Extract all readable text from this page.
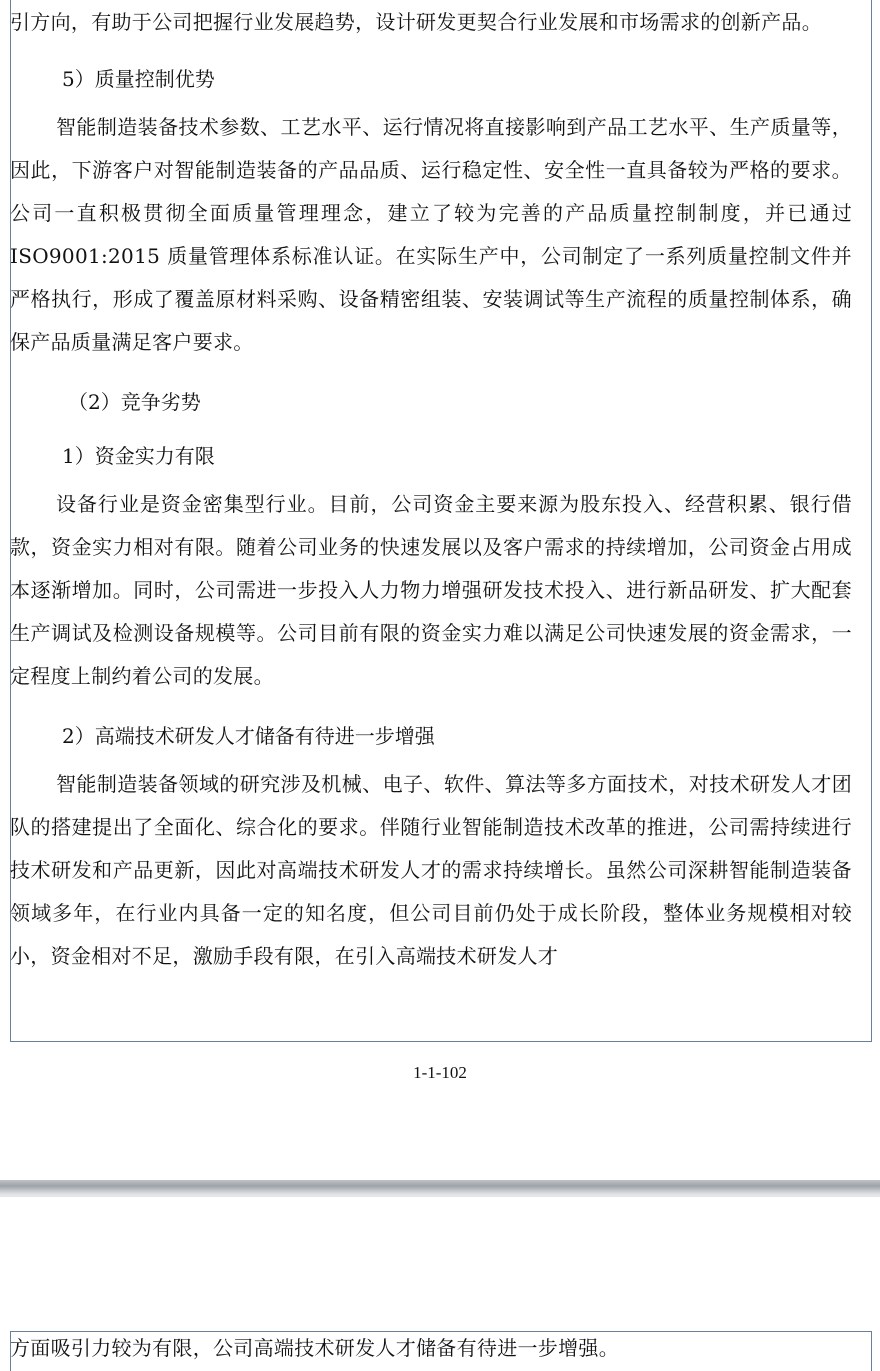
引方向，有助于公司把握行业发展趋势，设计研发更契合行业发展和市场需求的创新产品。

5）质量控制优势

智能制造装备技术参数、工艺水平、运行情况将直接影响到产品工艺水平、生产质量等，因此，下游客户对智能制造装备的产品品质、运行稳定性、安全性一直具备较为严格的要求。公司一直积极贯彻全面质量管理理念，建立了较为完善的产品质量控制制度，并已通过 ISO9001:2015 质量管理体系标准认证。在实际生产中，公司制定了一系列质量控制文件并严格执行，形成了覆盖原材料采购、设备精密组装、安装调试等生产流程的质量控制体系，确保产品质量满足客户要求。

（2）竞争劣势

1）资金实力有限

设备行业是资金密集型行业。目前，公司资金主要来源为股东投入、经营积累、银行借款，资金实力相对有限。随着公司业务的快速发展以及客户需求的持续增加，公司资金占用成本逐渐增加。同时，公司需进一步投入人力物力增强研发技术投入、进行新品研发、扩大配套生产调试及检测设备规模等。公司目前有限的资金实力难以满足公司快速发展的资金需求，一定程度上制约着公司的发展。

2）高端技术研发人才储备有待进一步增强

智能制造装备领域的研究涉及机械、电子、软件、算法等多方面技术，对技术研发人才团队的搭建提出了全面化、综合化的要求。伴随行业智能制造技术改革的推进，公司需持续进行技术研发和产品更新，因此对高端技术研发人才的需求持续增长。虽然公司深耕智能制造装备领域多年，在行业内具备一定的知名度，但公司目前仍处于成长阶段，整体业务规模相对较小，资金相对不足，激励手段有限，在引入高端技术研发人才

1-1-102

方面吸引力较为有限，公司高端技术研发人才储备有待进一步增强。
